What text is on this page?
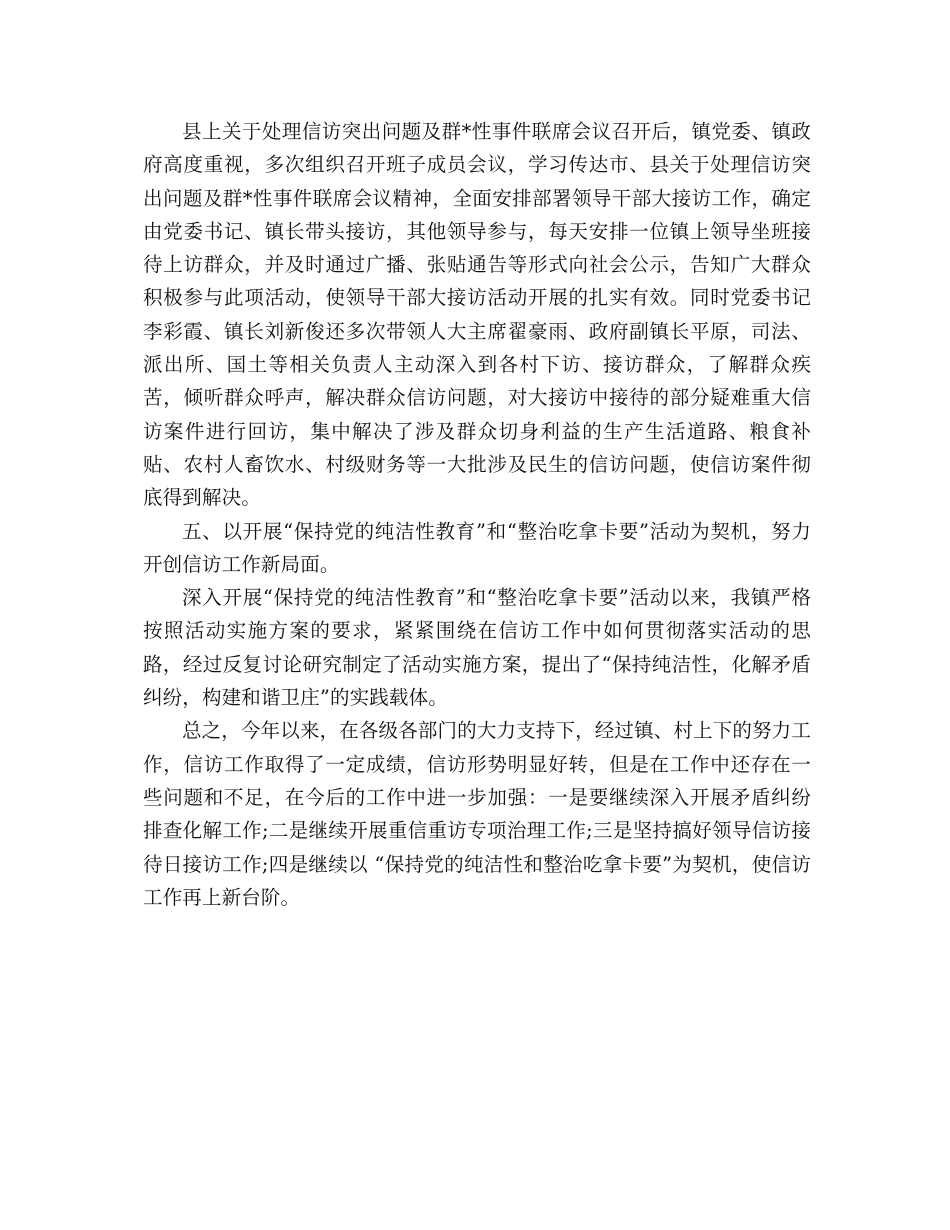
县上关于处理信访突出问题及群*性事件联席会议召开后，镇党委、镇政府高度重视，多次组织召开班子成员会议，学习传达市、县关于处理信访突出问题及群*性事件联席会议精神，全面安排部署领导干部大接访工作，确定由党委书记、镇长带头接访，其他领导参与，每天安排一位镇上领导坐班接待上访群众，并及时通过广播、张贴通告等形式向社会公示，告知广大群众积极参与此项活动，使领导干部大接访活动开展的扎实有效。同时党委书记李彩霞、镇长刘新俊还多次带领人大主席翟豪雨、政府副镇长平原，司法、派出所、国土等相关负责人主动深入到各村下访、接访群众，了解群众疾苦，倾听群众呼声，解决群众信访问题，对大接访中接待的部分疑难重大信访案件进行回访，集中解决了涉及群众切身利益的生产生活道路、粮食补贴、农村人畜饮水、村级财务等一大批涉及民生的信访问题，使信访案件彻底得到解决。

五、以开展“保持党的纯洁性教育”和“整治吃拿卡要”活动为契机，努力开创信访工作新局面。

深入开展“保持党的纯洁性教育”和“整治吃拿卡要”活动以来，我镇严格按照活动实施方案的要求，紧紧围绕在信访工作中如何贯彻落实活动的思路，经过反复讨论研究制定了活动实施方案，提出了“保持纯洁性，化解矛盾纠纷，构建和谐卫庄”的实践载体。

总之，今年以来，在各级各部门的大力支持下，经过镇、村上下的努力工作，信访工作取得了一定成绩，信访形势明显好转，但是在工作中还存在一些问题和不足，在今后的工作中进一步加强：一是要继续深入开展矛盾纠纷排查化解工作;二是继续开展重信重访专项治理工作;三是坚持搞好领导信访接待日接访工作;四是继续以 “保持党的纯洁性和整治吃拿卡要”为契机，使信访工作再上新台阶。
